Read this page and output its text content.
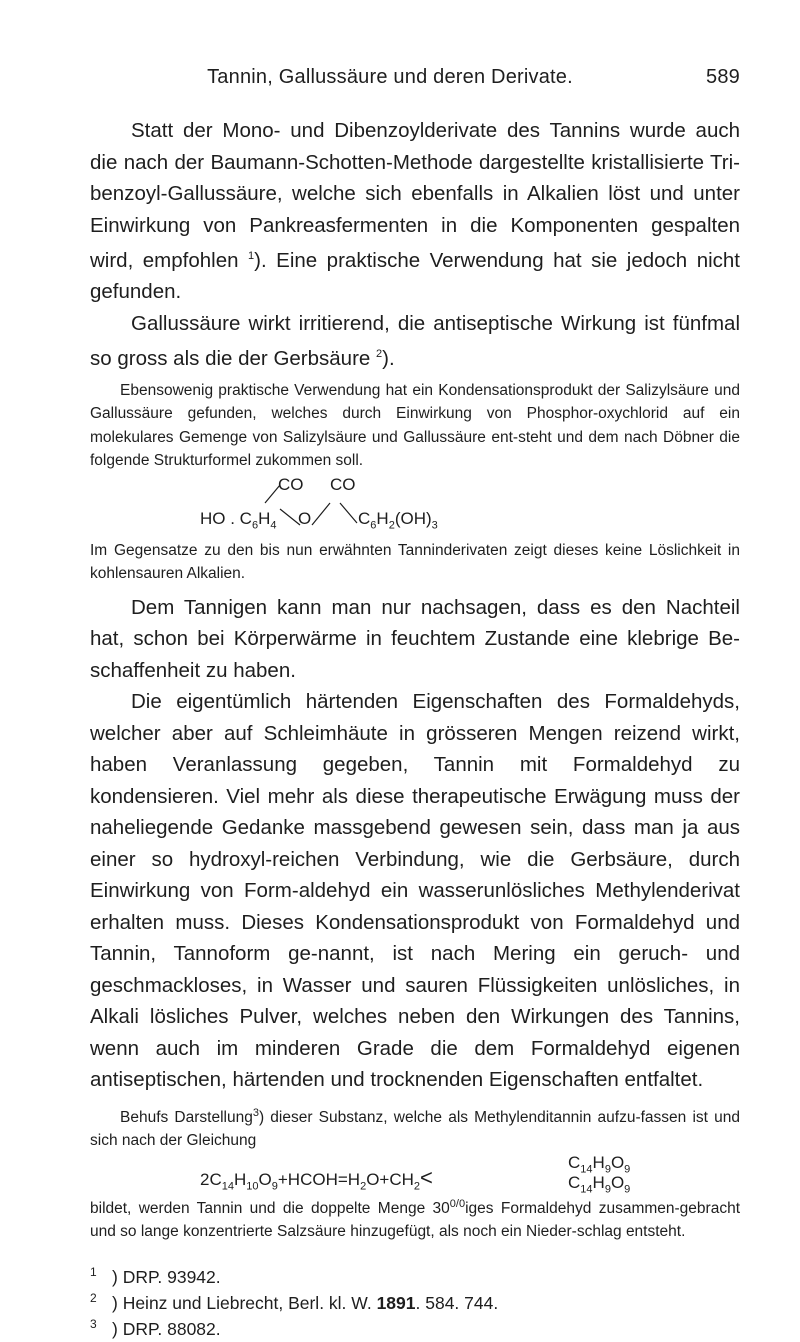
Tannin, Gallussäure und deren Derivate.	589

Statt der Mono- und Dibenzoylderivate des Tannins wurde auch die nach der Baumann-Schotten-Methode dargestellte kristallisierte Tri-benzoyl-Gallussäure, welche sich ebenfalls in Alkalien löst und unter Einwirkung von Pankreasfermenten in die Komponenten gespalten wird, empfohlen $^1$). Eine praktische Verwendung hat sie jedoch nicht gefunden.

Gallussäure wirkt irritierend, die antiseptische Wirkung ist fünfmal so gross als die der Gerbsäure $^2$).

Ebensowenig praktische Verwendung hat ein Kondensationsprodukt der Salizylsäure und Gallussäure gefunden, welches durch Einwirkung von Phosphor-oxychlorid auf ein molekulares Gemenge von Salizylsäure und Gallussäure ent-steht und dem nach Döbner die folgende Strukturformel zukommen soll.

CO CO
HO . $C_6H_4$ O	$C_6H_2(OH)_3$

Im Gegensatze zu den bis nun erwähnten Tanninderivaten zeigt dieses keine Löslichkeit in kohlensauren Alkalien.

Dem Tannigen kann man nur nachsagen, dass es den Nachteil hat, schon bei Körperwärme in feuchtem Zustande eine klebrige Be-schaffenheit zu haben.

Die eigentümlich härtenden Eigenschaften des Formaldehyds, welcher aber auf Schleimhäute in grösseren Mengen reizend wirkt, haben Veranlassung gegeben, Tannin mit Formaldehyd zu kondensieren. Viel mehr als diese therapeutische Erwägung muss der naheliegende Gedanke massgebend gewesen sein, dass man ja aus einer so hydroxyl-reichen Verbindung, wie die Gerbsäure, durch Einwirkung von Form-aldehyd ein wasserunlösliches Methylenderivat erhalten muss. Dieses Kondensationsprodukt von Formaldehyd und Tannin, Tannoform ge-nannt, ist nach Mering ein geruch- und geschmackloses, in Wasser und sauren Flüssigkeiten unlösliches, in Alkali lösliches Pulver, welches neben den Wirkungen des Tannins, wenn auch im minderen Grade die dem Formaldehyd eigenen antiseptischen, härtenden und trocknenden Eigenschaften entfaltet.

Behufs Darstellung$^3$) dieser Substanz, welche als Methylenditannin aufzu-fassen ist und sich nach der Gleichung

$2C_{14}H_{10}O_9+HCOH=H_2O+CH_2<$
$C_{14}H_9O_9$
$C_{14}H_9O_9$

bildet, werden Tannin und die doppelte Menge $30^{0/0}iges$ Formaldehyd zusammen-gebracht und so lange konzentrierte Salzsäure hinzugefügt, als noch ein Nieder-schlag entsteht.

1 ) DRP. 93942.
2 ) Heinz und Liebrecht, Berl. kl. W. 1891. 584. 744.
3 ) DRP. 88082.
